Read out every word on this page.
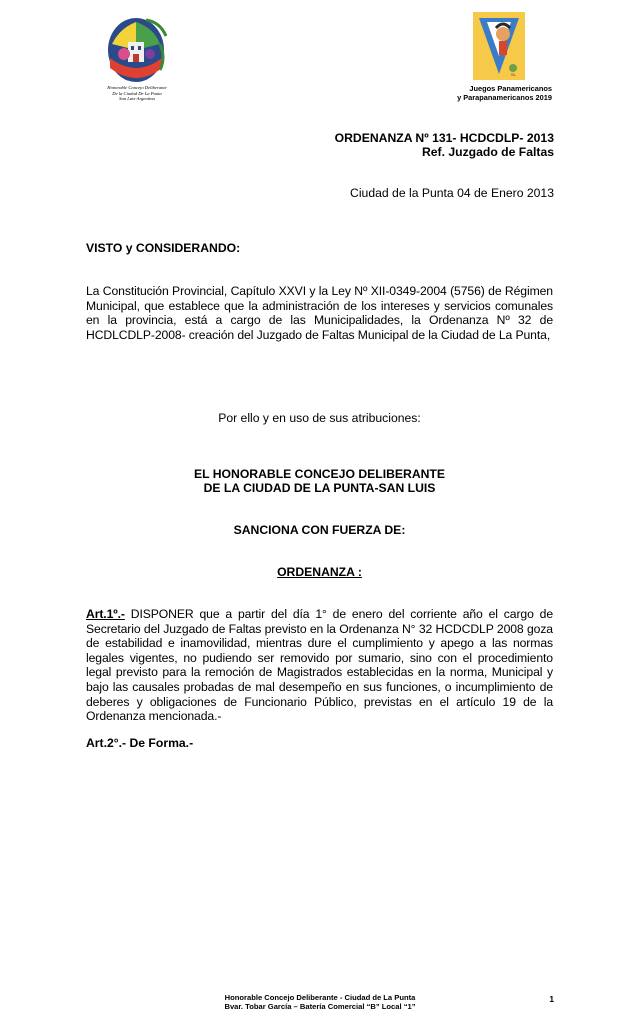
Honorable Concejo Deliberante
De la Ciudad De La Punta
San Luis-Argentina
SL
Juegos Panamericanos
y Parapanamericanos 2019
ORDENANZA Nº 131- HCDCDLP- 2013
Ref. Juzgado de Faltas
Ciudad de la Punta 04 de Enero 2013
VISTO y CONSIDERANDO:
La Constitución Provincial, Capítulo XXVI y la Ley Nº XII-0349-2004 (5756) de Régimen Municipal, que establece que la administración de los intereses y servicios comunales en la provincia, está a cargo de las Municipalidades, la Ordenanza Nº 32 de HCDLCDLP-2008- creación del Juzgado de Faltas Municipal de la Ciudad de La Punta,
Por ello y en uso de sus atribuciones:
EL HONORABLE CONCEJO DELIBERANTE
DE LA CIUDAD DE LA PUNTA-SAN LUIS
SANCIONA CON FUERZA DE:
ORDENANZA :
Art.1º.- DISPONER que a partir del día 1° de enero del corriente año el cargo de Secretario del Juzgado de Faltas previsto en la Ordenanza N° 32 HCDCDLP 2008 goza de estabilidad e inamovilidad, mientras dure el cumplimiento y apego a las normas legales vigentes, no pudiendo ser removido por sumario, sino con el procedimiento legal previsto para la remoción de Magistrados establecidas en la norma, Municipal y bajo las causales probadas de mal desempeño en sus funciones, o incumplimiento de deberes y obligaciones de Funcionario Público, previstas en el artículo 19 de la Ordenanza mencionada.-
Art.2°.- De Forma.-
Honorable Concejo Deliberante - Ciudad de La Punta
Bvar. Tobar García – Batería Comercial “B” Local “1”
1
